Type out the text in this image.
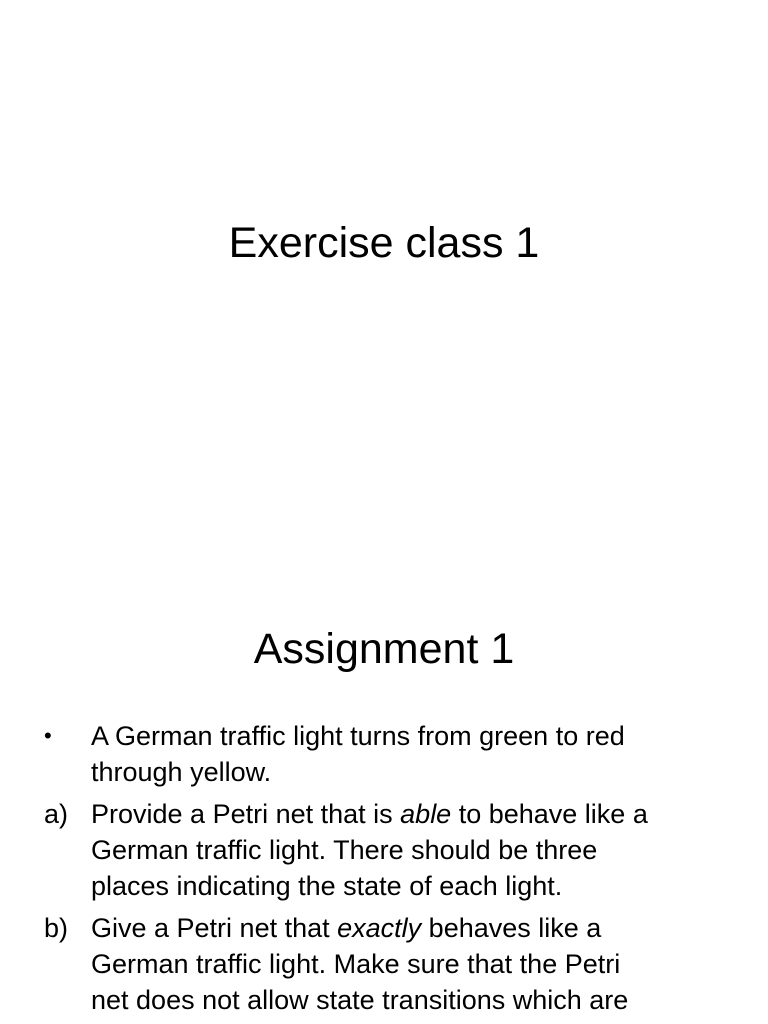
Exercise class 1
Assignment 1
• A German traffic light turns from green to red
through yellow.
a) Provide a Petri net that is able to behave like a
German traffic light. There should be three
places indicating the state of each light.
b) Give a Petri net that exactly behaves like a
German traffic light. Make sure that the Petri
net does not allow state transitions which are
